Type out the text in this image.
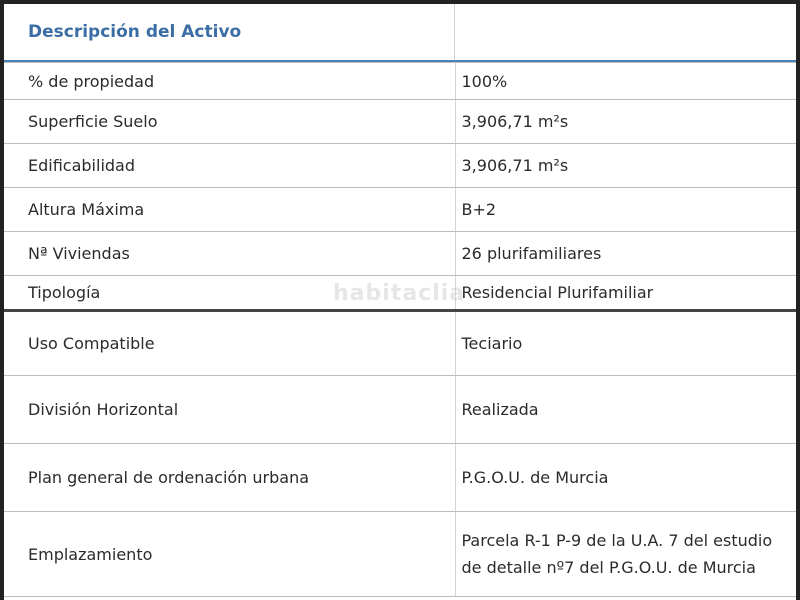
Descripción del Activo
% de propiedad	100%
Superficie Suelo	3,906,71 m²s
Edificabilidad	3,906,71 m²s
Altura Máxima	B+2
Nª Viviendas	26 plurifamiliares
Tipología	Residencial Plurifamiliar
Uso Compatible	Teciario
División Horizontal	Realizada
Plan general de ordenación urbana	P.G.O.U. de Murcia
Emplazamiento	Parcela R-1 P-9 de la U.A. 7 del estudio de detalle nº7 del P.G.O.U. de Murcia
habitaclia
